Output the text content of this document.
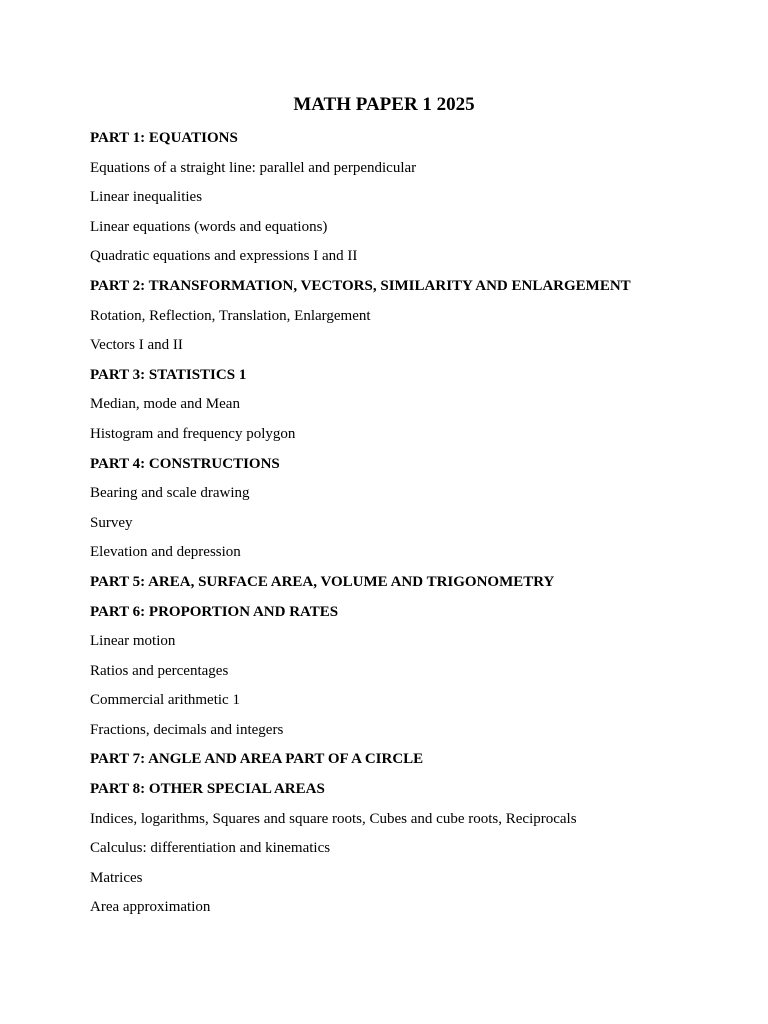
MATH PAPER 1 2025
PART 1: EQUATIONS
Equations of a straight line: parallel and perpendicular
Linear inequalities
Linear equations (words and equations)
Quadratic equations and expressions I and II
PART 2: TRANSFORMATION, VECTORS, SIMILARITY AND ENLARGEMENT
Rotation, Reflection, Translation, Enlargement
Vectors I and II
PART 3: STATISTICS 1
Median, mode and Mean
Histogram and frequency polygon
PART 4: CONSTRUCTIONS
Bearing and scale drawing
Survey
Elevation and depression
PART 5: AREA, SURFACE AREA, VOLUME AND TRIGONOMETRY
PART 6: PROPORTION AND RATES
Linear motion
Ratios and percentages
Commercial arithmetic 1
Fractions, decimals and integers
PART 7: ANGLE AND AREA PART OF A CIRCLE
PART 8: OTHER SPECIAL AREAS
Indices, logarithms, Squares and square roots, Cubes and cube roots, Reciprocals
Calculus: differentiation and kinematics
Matrices
Area approximation
